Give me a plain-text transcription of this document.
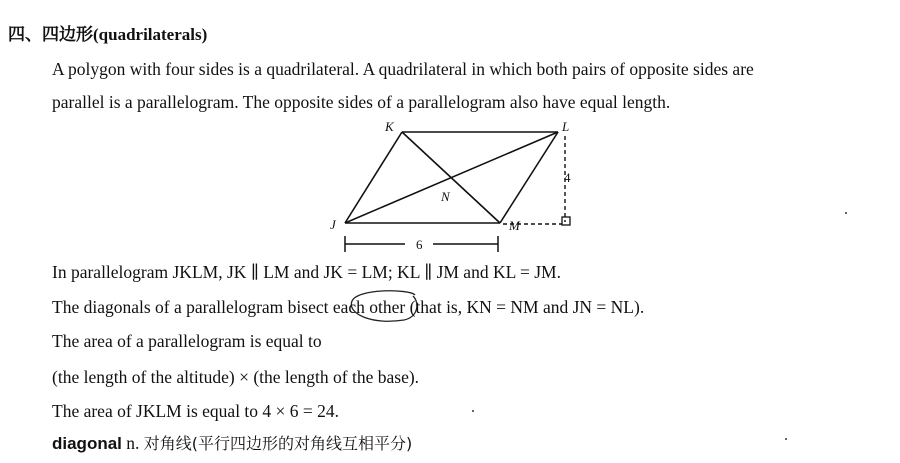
四、四边形(quadrilaterals)
A polygon with four sides is a quadrilateral. A quadrilateral in which both pairs of opposite sides are
parallel is a parallelogram. The opposite sides of a parallelogram also have equal length.
K	L
J	M
N
4
6
In parallelogram JKLM, JK ∥ LM and JK = LM; KL ∥ JM and KL = JM.
The diagonals of a parallelogram bisect each other (that is, KN = NM and JN = NL).
The area of a parallelogram is equal to
(the length of the altitude) × (the length of the base).
The area of JKLM is equal to 4 × 6 = 24.
diagonal n. 对角线(平行四边形的对角线互相平分)
